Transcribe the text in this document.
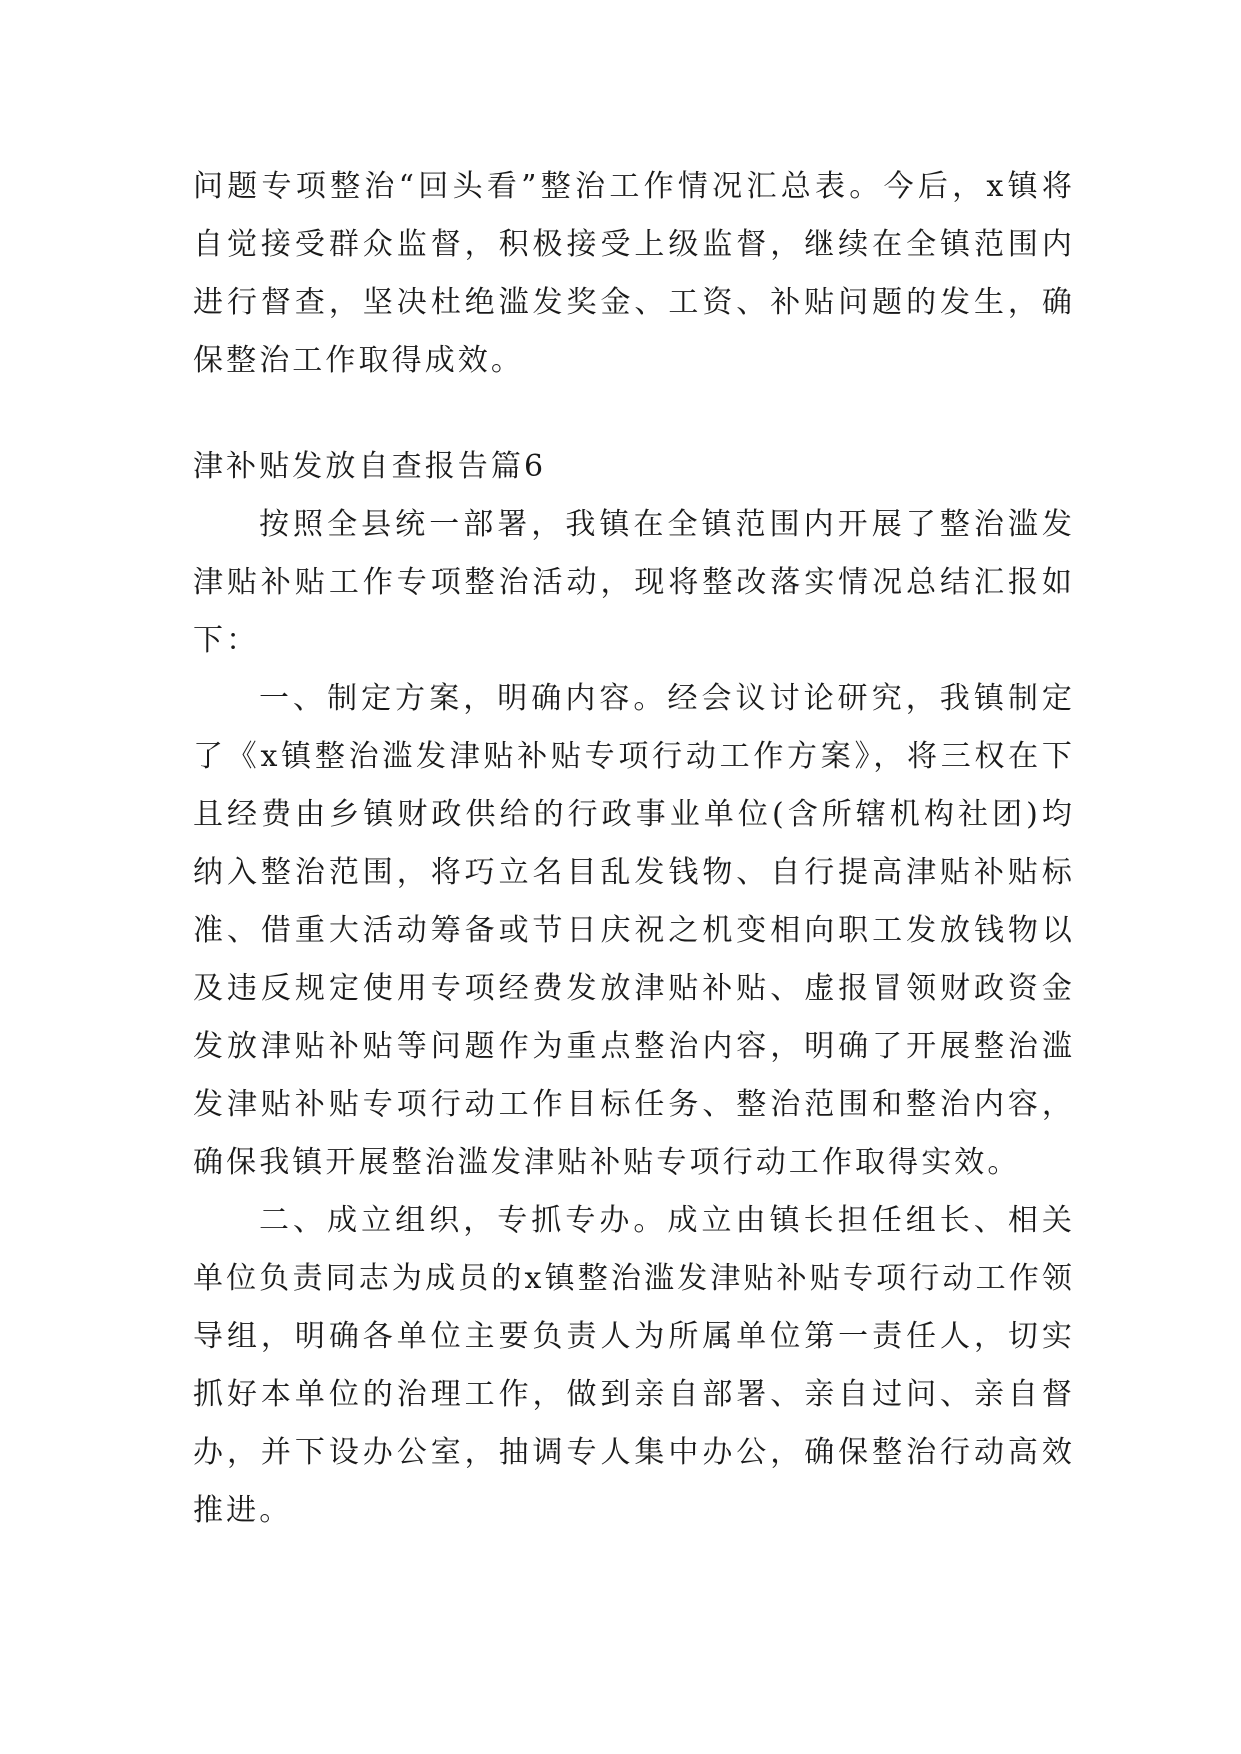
问题专项整治“回头看”整治工作情况汇总表。今后，x镇将自觉接受群众监督，积极接受上级监督，继续在全镇范围内进行督查，坚决杜绝滥发奖金、工资、补贴问题的发生，确保整治工作取得成效。

津补贴发放自查报告篇6

按照全县统一部署，我镇在全镇范围内开展了整治滥发津贴补贴工作专项整治活动，现将整改落实情况总结汇报如下：

一、制定方案，明确内容。经会议讨论研究，我镇制定了《x镇整治滥发津贴补贴专项行动工作方案》，将三权在下且经费由乡镇财政供给的行政事业单位(含所辖机构社团)均纳入整治范围，将巧立名目乱发钱物、自行提高津贴补贴标准、借重大活动筹备或节日庆祝之机变相向职工发放钱物以及违反规定使用专项经费发放津贴补贴、虚报冒领财政资金发放津贴补贴等问题作为重点整治内容，明确了开展整治滥发津贴补贴专项行动工作目标任务、整治范围和整治内容，确保我镇开展整治滥发津贴补贴专项行动工作取得实效。

二、成立组织，专抓专办。成立由镇长担任组长、相关单位负责同志为成员的x镇整治滥发津贴补贴专项行动工作领导组，明确各单位主要负责人为所属单位第一责任人，切实抓好本单位的治理工作，做到亲自部署、亲自过问、亲自督办，并下设办公室，抽调专人集中办公，确保整治行动高效推进。
